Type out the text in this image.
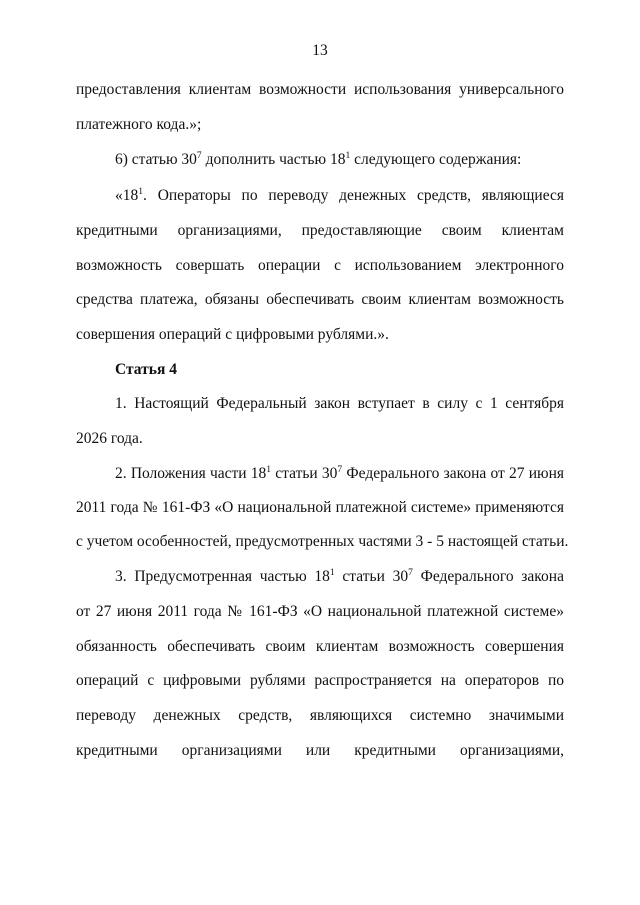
13
предоставления клиентам возможности использования универсального
платежного кода.»;
6) статью $30^7$ дополнить частью $18^1$ следующего содержания:
«$18^1$. Операторы по переводу денежных средств, являющиеся
кредитными организациями, предоставляющие своим клиентам
возможность совершать операции с использованием электронного
средства платежа, обязаны обеспечивать своим клиентам возможность
совершения операций с цифровыми рублями.».
Статья 4
1. Настоящий Федеральный закон вступает в силу с 1 сентября
2026 года.
2. Положения части $18^1$ статьи $30^7$ Федерального закона от 27 июня
2011 года № 161-ФЗ «О национальной платежной системе» применяются
с учетом особенностей, предусмотренных частями 3 - 5 настоящей статьи.
3. Предусмотренная частью $18^1$ статьи $30^7$ Федерального закона
от 27 июня 2011 года № 161-ФЗ «О национальной платежной системе»
обязанность обеспечивать своим клиентам возможность совершения
операций с цифровыми рублями распространяется на операторов по
переводу денежных средств, являющихся системно значимыми
кредитными организациями или кредитными организациями,
